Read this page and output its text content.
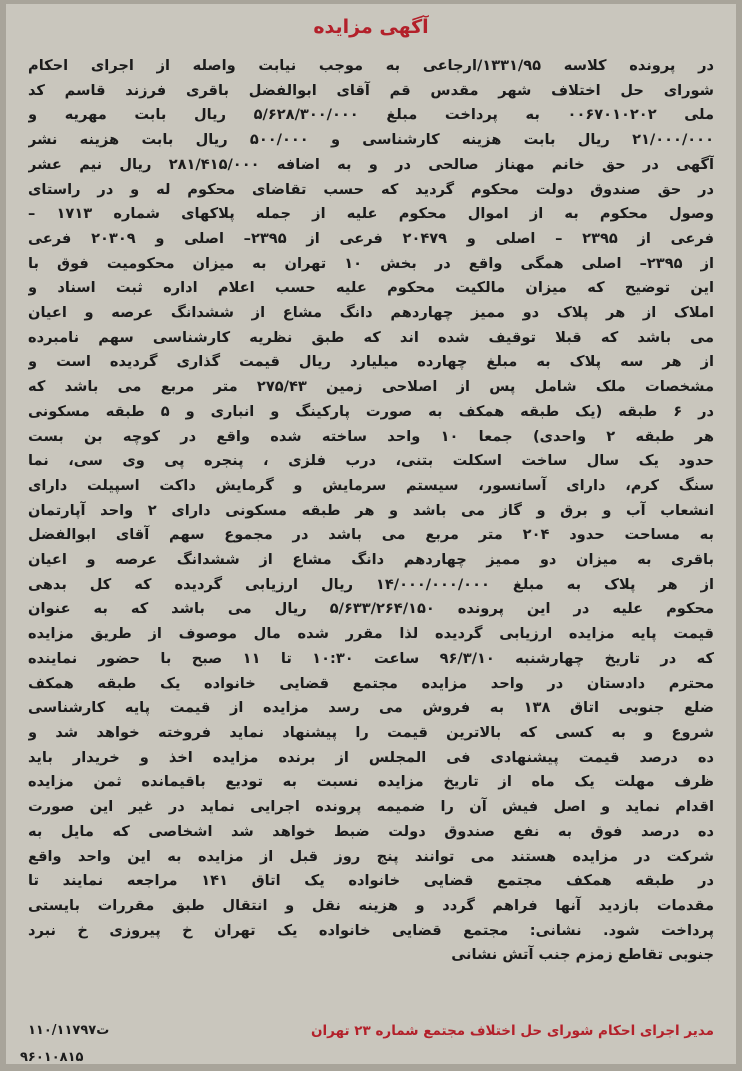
آگهی مزایده
در پرونده کلاسه ۱۳۳۱/۹۵/ارجاعی به موجب نیابت واصله از اجرای احکام
شورای حل اختلاف شهر مقدس قم آقای ابوالفضل باقری فرزند قاسم کد
ملی ۰۰۶۷۰۱۰۲۰۲ به پرداخت مبلغ ۵/۶۲۸/۳۰۰/۰۰۰ ریال بابت مهریه و
۲۱/۰۰۰/۰۰۰ ریال بابت هزینه کارشناسی و ۵۰۰/۰۰۰ ریال بابت هزینه نشر
آگهی در حق خانم مهناز صالحی در و به اضافه ۲۸۱/۴۱۵/۰۰۰ ریال نیم عشر
در حق صندوق دولت محکوم گردید که حسب تقاضای محکوم له و در راستای
وصول محکوم به از اموال محکوم علیه از جمله پلاکهای شماره ۱۷۱۳ –
فرعی از ۲۳۹۵ – اصلی و ۲۰۴۷۹ فرعی از ۲۳۹۵– اصلی و ۲۰۳۰۹ فرعی
از ۲۳۹۵– اصلی همگی واقع در بخش ۱۰ تهران به میزان محکومیت فوق با
این توضیح که میزان مالکیت محکوم علیه حسب اعلام اداره ثبت اسناد و
املاک از هر پلاک دو ممیز چهاردهم دانگ مشاع از ششدانگ عرصه و اعیان
می باشد که قبلا توقیف شده اند که طبق نظریه کارشناسی سهم نامبرده
از هر سه پلاک به مبلغ چهارده میلیارد ریال قیمت گذاری گردیده است و
مشخصات ملک شامل پس از اصلاحی زمین ۲۷۵/۴۳ متر مربع می باشد که
در ۶ طبقه (یک طبقه همکف به صورت پارکینگ و انباری و ۵ طبقه مسکونی
هر طبقه ۲ واحدی) جمعا ۱۰ واحد ساخته شده واقع در کوچه بن بست
حدود یک سال ساخت اسکلت بتنی، درب فلزی ، پنجره پی وی سی، نما
سنگ کرم، دارای آسانسور، سیستم سرمایش و گرمایش داکت اسپیلت دارای
انشعاب آب و برق و گاز می باشد و هر طبقه مسکونی دارای ۲ واحد آپارتمان
به مساحت حدود ۲۰۴ متر مربع می باشد در مجموع سهم آقای ابوالفضل
باقری به میزان دو ممیز چهاردهم دانگ مشاع از ششدانگ عرصه و اعیان
از هر پلاک به مبلغ ۱۴/۰۰۰/۰۰۰/۰۰۰ ریال ارزیابی گردیده که کل بدهی
محکوم علیه در این پرونده ۵/۶۳۳/۲۶۴/۱۵۰ ریال می باشد که به عنوان
قیمت پایه مزایده ارزیابی گردیده لذا مقرر شده مال موصوف از طریق مزایده
که در تاریخ چهارشنبه ۹۶/۳/۱۰ ساعت ۱۰:۳۰ تا ۱۱ صبح با حضور نماینده
محترم دادستان در واحد مزایده مجتمع قضایی خانواده یک طبقه همکف
ضلع جنوبی اتاق ۱۳۸ به فروش می رسد مزایده از قیمت پایه کارشناسی
شروع و به کسی که بالاترین قیمت را پیشنهاد نماید فروخته خواهد شد و
ده درصد قیمت پیشنهادی فی المجلس از برنده مزایده اخذ و خریدار باید
ظرف مهلت یک ماه از تاریخ مزایده نسبت به تودیع باقیمانده ثمن مزایده
اقدام نماید و اصل فیش آن را ضمیمه پرونده اجرایی نماید در غیر این صورت
ده درصد فوق به نفع صندوق دولت ضبط خواهد شد اشخاصی که مایل به
شرکت در مزایده هستند می توانند پنج روز قبل از مزایده به این واحد واقع
در طبقه همکف مجتمع قضایی خانواده یک اتاق ۱۴۱ مراجعه نمایند تا
مقدمات بازدید آنها فراهم گردد و هزینه نقل و انتقال طبق مقررات بایستی
پرداخت شود. نشانی: مجتمع قضایی خانواده یک تهران خ پیروزی خ نبرد
جنوبی تقاطع زمزم جنب آتش نشانی
مدیر اجرای احکام شورای حل اختلاف مجتمع شماره ۲۳ تهران
۱۱۰/۱۱۷۹۷ت
۹۶۰۱۰۸۱۵
